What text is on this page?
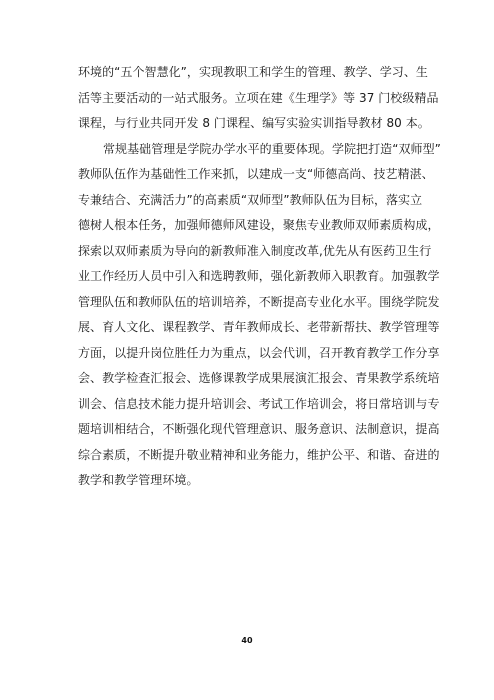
环境的“五个智慧化”，实现教职工和学生的管理、教学、学习、生
活等主要活动的一站式服务。立项在建《生理学》等 37 门校级精品
课程，与行业共同开发 8 门课程、编写实验实训指导教材 80 本。
常规基础管理是学院办学水平的重要体现。学院把打造“双师型”
教师队伍作为基础性工作来抓，以建成一支“师德高尚、技艺精湛、
专兼结合、充满活力”的高素质“双师型”教师队伍为目标，落实立
德树人根本任务，加强师德师风建设，聚焦专业教师双师素质构成，
探索以双师素质为导向的新教师准入制度改革,优先从有医药卫生行
业工作经历人员中引入和选聘教师，强化新教师入职教育。加强教学
管理队伍和教师队伍的培训培养，不断提高专业化水平。围绕学院发
展、育人文化、课程教学、青年教师成长、老带新帮扶、教学管理等
方面，以提升岗位胜任力为重点，以会代训，召开教育教学工作分享
会、教学检查汇报会、选修课教学成果展演汇报会、青果教学系统培
训会、信息技术能力提升培训会、考试工作培训会，将日常培训与专
题培训相结合，不断强化现代管理意识、服务意识、法制意识，提高
综合素质，不断提升敬业精神和业务能力，维护公平、和谐、奋进的
教学和教学管理环境。
40
